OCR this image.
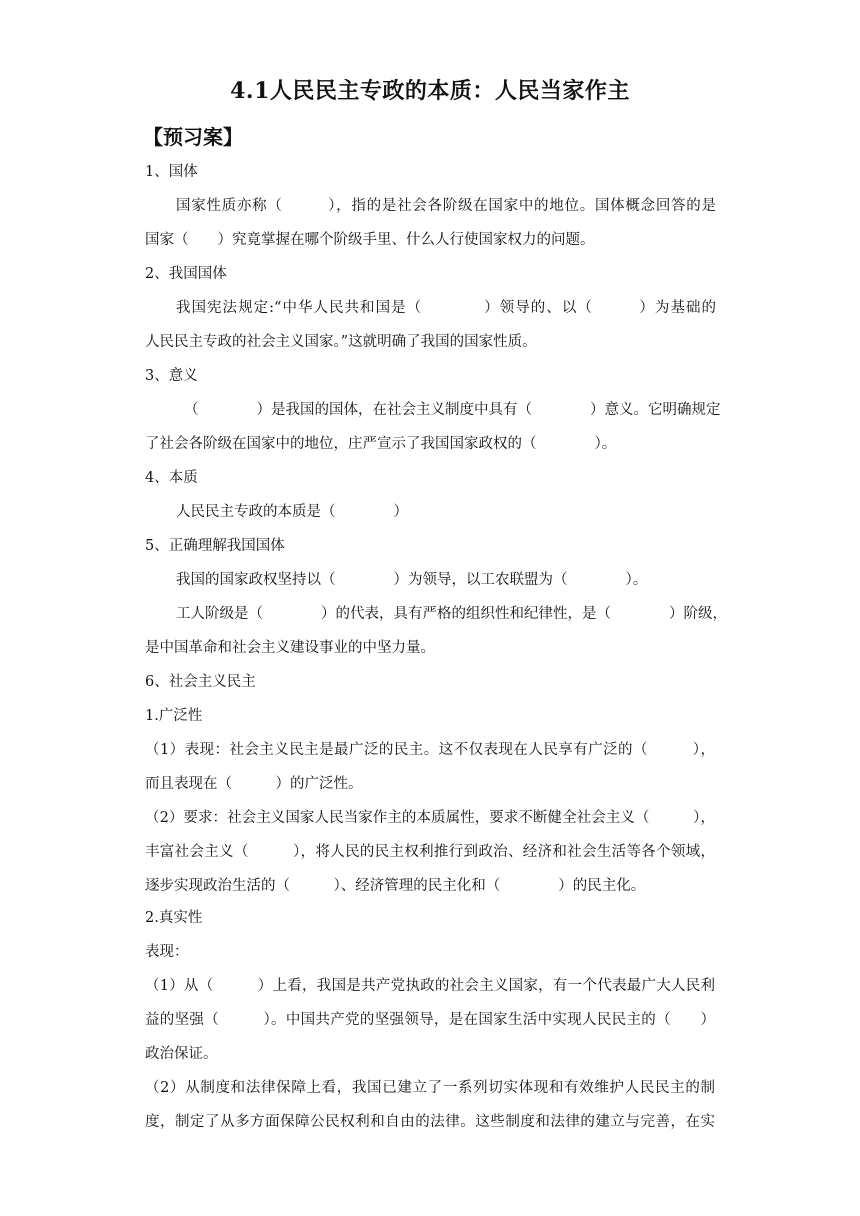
4.1人民民主专政的本质：人民当家作主
【预习案】
1、国体
国家性质亦称（　　　），指的是社会各阶级在国家中的地位。国体概念回答的是
国家（　　）究竟掌握在哪个阶级手里、什么人行使国家权力的问题。
2、我国国体
我国宪法规定:“中华人民共和国是（　　　　）领导的、以（　　　）为基础的
人民民主专政的社会主义国家。”这就明确了我国的国家性质。
3、意义
（　　　　）是我国的国体，在社会主义制度中具有（　　　　）意义。它明确规定
了社会各阶级在国家中的地位，庄严宣示了我国国家政权的（　　　　）。
4、本质
人民民主专政的本质是（　　　　）
5、正确理解我国国体
我国的国家政权坚持以（　　　　）为领导，以工农联盟为（　　　　）。
工人阶级是（　　　　）的代表，具有严格的组织性和纪律性，是（　　　　）阶级，
是中国革命和社会主义建设事业的中坚力量。
6、社会主义民主
1.广泛性
（1）表现：社会主义民主是最广泛的民主。这不仅表现在人民享有广泛的（　　　），
而且表现在（　　　）的广泛性。
（2）要求：社会主义国家人民当家作主的本质属性，要求不断健全社会主义（　　　），
丰富社会主义（　　　），将人民的民主权利推行到政治、经济和社会生活等各个领域，
逐步实现政治生活的（　　　）、经济管理的民主化和（　　　　）的民主化。
2.真实性
表现：
（1）从（　　　）上看，我国是共产党执政的社会主义国家，有一个代表最广大人民利
益的坚强（　　　）。中国共产党的坚强领导，是在国家生活中实现人民民主的（　　）
政治保证。
（2）从制度和法律保障上看，我国已建立了一系列切实体现和有效维护人民民主的制
度，制定了从多方面保障公民权利和自由的法律。这些制度和法律的建立与完善，在实
